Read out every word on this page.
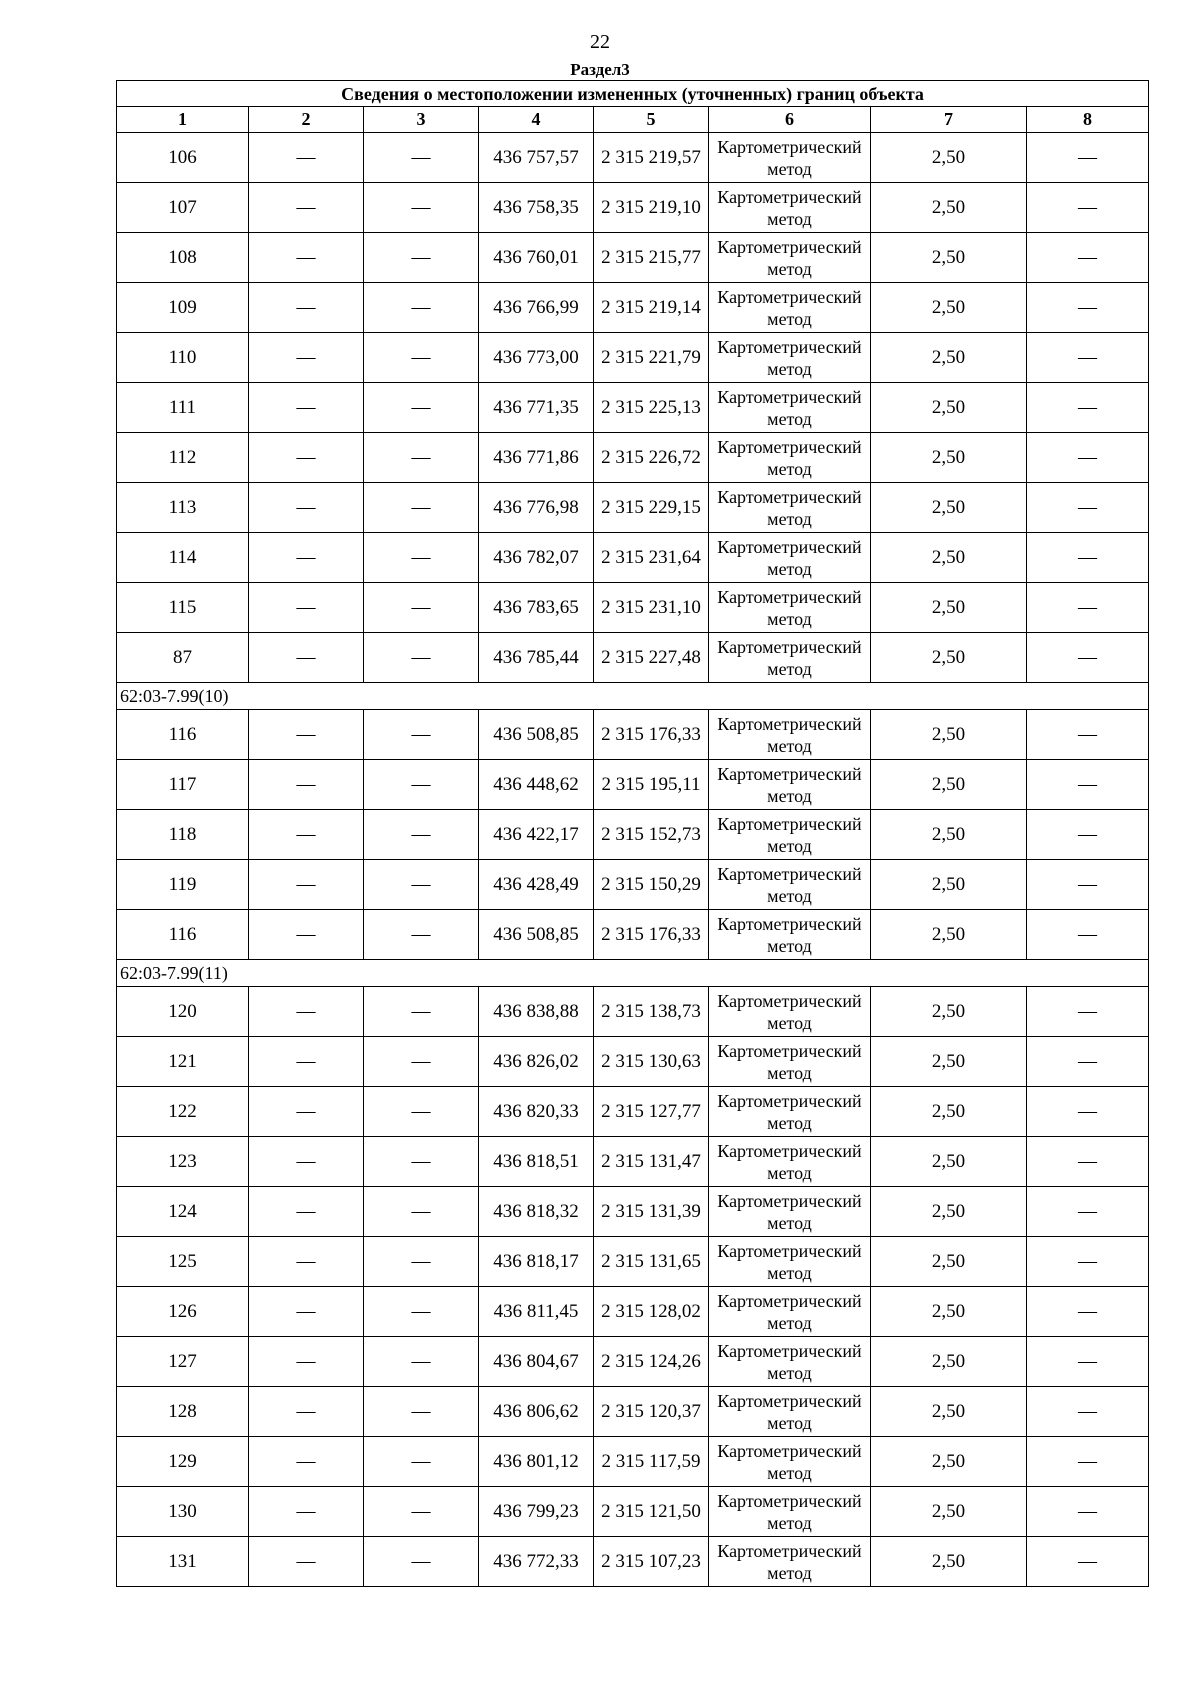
22
Раздел3
Сведения о местоположении измененных (уточненных) границ объекта							
1	2	3	4	5	6	7	8
106	—	—	436 757,57	2 315 219,57	Картометрический метод	2,50	—
107	—	—	436 758,35	2 315 219,10	Картометрический метод	2,50	—
108	—	—	436 760,01	2 315 215,77	Картометрический метод	2,50	—
109	—	—	436 766,99	2 315 219,14	Картометрический метод	2,50	—
110	—	—	436 773,00	2 315 221,79	Картометрический метод	2,50	—
111	—	—	436 771,35	2 315 225,13	Картометрический метод	2,50	—
112	—	—	436 771,86	2 315 226,72	Картометрический метод	2,50	—
113	—	—	436 776,98	2 315 229,15	Картометрический метод	2,50	—
114	—	—	436 782,07	2 315 231,64	Картометрический метод	2,50	—
115	—	—	436 783,65	2 315 231,10	Картометрический метод	2,50	—
87	—	—	436 785,44	2 315 227,48	Картометрический метод	2,50	—
62:03-7.99(10)							
116	—	—	436 508,85	2 315 176,33	Картометрический метод	2,50	—
117	—	—	436 448,62	2 315 195,11	Картометрический метод	2,50	—
118	—	—	436 422,17	2 315 152,73	Картометрический метод	2,50	—
119	—	—	436 428,49	2 315 150,29	Картометрический метод	2,50	—
116	—	—	436 508,85	2 315 176,33	Картометрический метод	2,50	—
62:03-7.99(11)							
120	—	—	436 838,88	2 315 138,73	Картометрический метод	2,50	—
121	—	—	436 826,02	2 315 130,63	Картометрический метод	2,50	—
122	—	—	436 820,33	2 315 127,77	Картометрический метод	2,50	—
123	—	—	436 818,51	2 315 131,47	Картометрический метод	2,50	—
124	—	—	436 818,32	2 315 131,39	Картометрический метод	2,50	—
125	—	—	436 818,17	2 315 131,65	Картометрический метод	2,50	—
126	—	—	436 811,45	2 315 128,02	Картометрический метод	2,50	—
127	—	—	436 804,67	2 315 124,26	Картометрический метод	2,50	—
128	—	—	436 806,62	2 315 120,37	Картометрический метод	2,50	—
129	—	—	436 801,12	2 315 117,59	Картометрический метод	2,50	—
130	—	—	436 799,23	2 315 121,50	Картометрический метод	2,50	—
131	—	—	436 772,33	2 315 107,23	Картометрический метод	2,50	—
